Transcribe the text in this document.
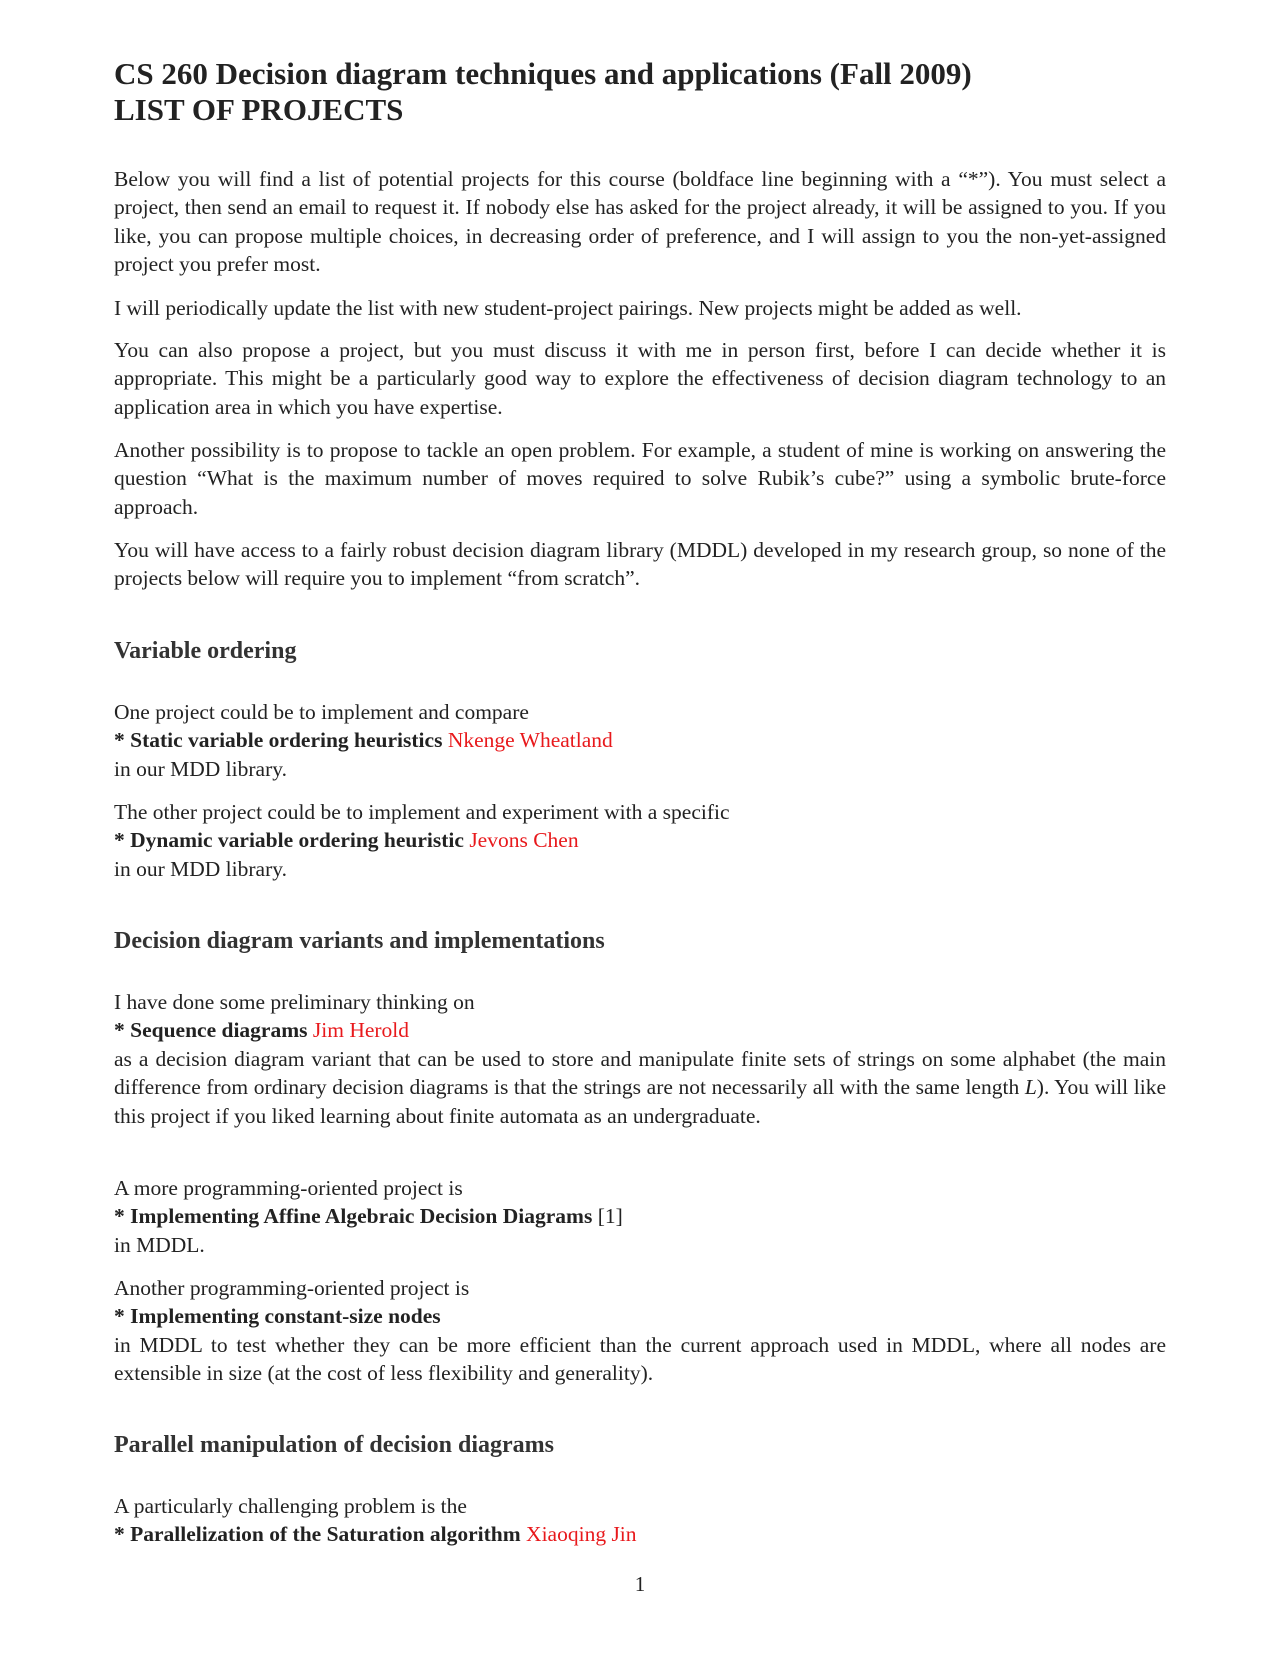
CS 260 Decision diagram techniques and applications (Fall 2009)
LIST OF PROJECTS
Below you will find a list of potential projects for this course (boldface line beginning with a “*”). You must select a project, then send an email to request it. If nobody else has asked for the project already, it will be assigned to you. If you like, you can propose multiple choices, in decreasing order of preference, and I will assign to you the non-yet-assigned project you prefer most.
I will periodically update the list with new student-project pairings. New projects might be added as well.
You can also propose a project, but you must discuss it with me in person first, before I can decide whether it is appropriate. This might be a particularly good way to explore the effectiveness of decision diagram technology to an application area in which you have expertise.
Another possibility is to propose to tackle an open problem. For example, a student of mine is working on answering the question “What is the maximum number of moves required to solve Rubik’s cube?” using a symbolic brute-force approach.
You will have access to a fairly robust decision diagram library (MDDL) developed in my research group, so none of the projects below will require you to implement “from scratch”.
Variable ordering
One project could be to implement and compare
* Static variable ordering heuristics Nkenge Wheatland
in our MDD library.
The other project could be to implement and experiment with a specific
* Dynamic variable ordering heuristic Jevons Chen
in our MDD library.
Decision diagram variants and implementations
I have done some preliminary thinking on
* Sequence diagrams Jim Herold
as a decision diagram variant that can be used to store and manipulate finite sets of strings on some alphabet (the main difference from ordinary decision diagrams is that the strings are not necessarily all with the same length L). You will like this project if you liked learning about finite automata as an undergraduate.
A more programming-oriented project is
* Implementing Affine Algebraic Decision Diagrams [1]
in MDDL.
Another programming-oriented project is
* Implementing constant-size nodes
in MDDL to test whether they can be more efficient than the current approach used in MDDL, where all nodes are extensible in size (at the cost of less flexibility and generality).
Parallel manipulation of decision diagrams
A particularly challenging problem is the
* Parallelization of the Saturation algorithm Xiaoqing Jin
1
